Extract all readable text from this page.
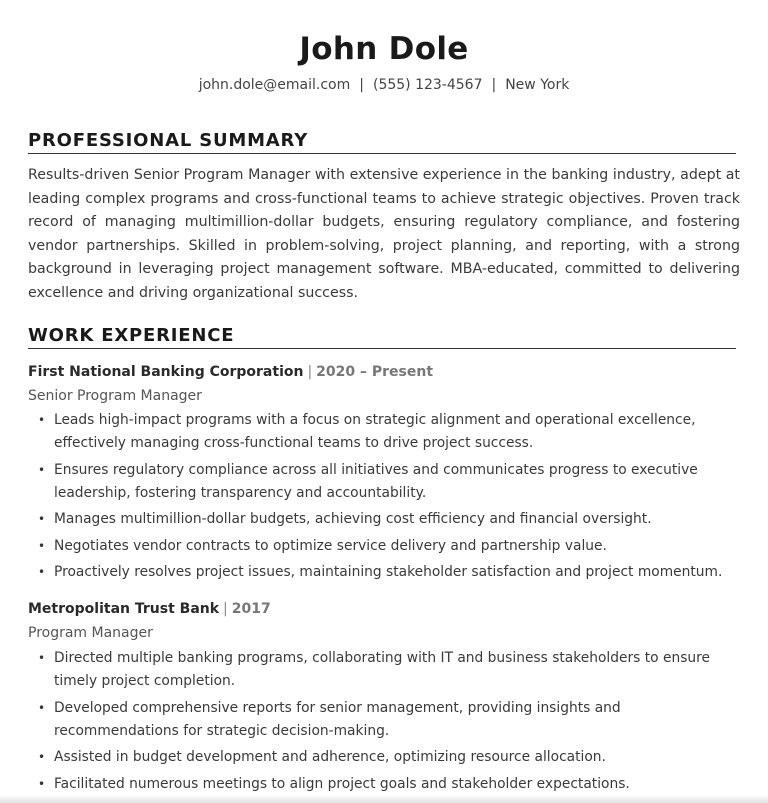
John Dole
john.dole@email.com | (555) 123-4567 | New York
PROFESSIONAL SUMMARY
Results-driven Senior Program Manager with extensive experience in the banking industry, adept at leading complex programs and cross-functional teams to achieve strategic objectives. Proven track record of managing multimillion-dollar budgets, ensuring regulatory compliance, and fostering vendor partnerships. Skilled in problem-solving, project planning, and reporting, with a strong background in leveraging project management software. MBA-educated, committed to delivering excellence and driving organizational success.
WORK EXPERIENCE
First National Banking Corporation | 2020 – Present
Senior Program Manager
• Leads high-impact programs with a focus on strategic alignment and operational excellence, effectively managing cross-functional teams to drive project success.
• Ensures regulatory compliance across all initiatives and communicates progress to executive leadership, fostering transparency and accountability.
• Manages multimillion-dollar budgets, achieving cost efficiency and financial oversight.
• Negotiates vendor contracts to optimize service delivery and partnership value.
• Proactively resolves project issues, maintaining stakeholder satisfaction and project momentum.
Metropolitan Trust Bank | 2017
Program Manager
• Directed multiple banking programs, collaborating with IT and business stakeholders to ensure timely project completion.
• Developed comprehensive reports for senior management, providing insights and recommendations for strategic decision-making.
• Assisted in budget development and adherence, optimizing resource allocation.
• Facilitated numerous meetings to align project goals and stakeholder expectations.
